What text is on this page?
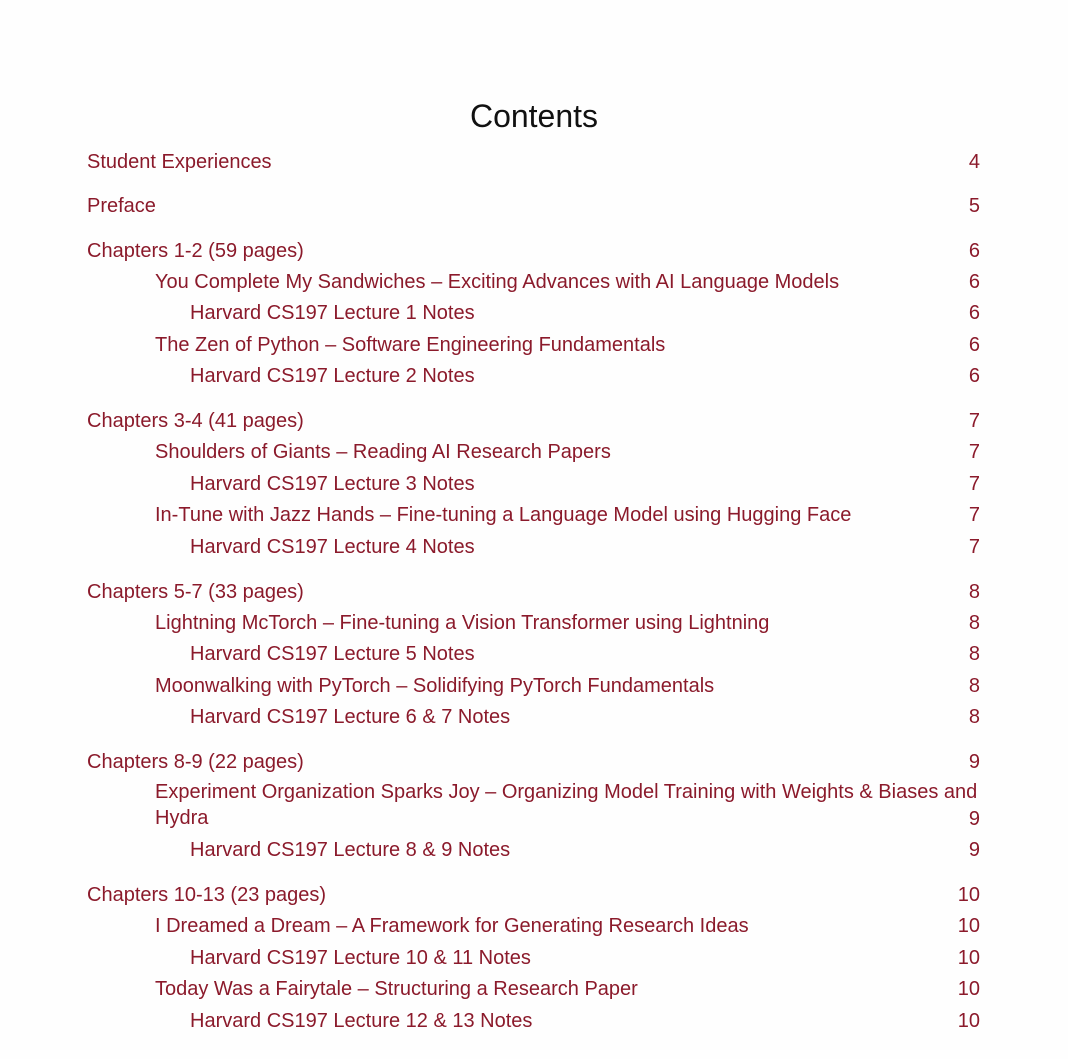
Contents
Student Experiences	4
Preface	5
Chapters 1-2 (59 pages)	6
You Complete My Sandwiches – Exciting Advances with AI Language Models	6
Harvard CS197 Lecture 1 Notes	6
The Zen of Python – Software Engineering Fundamentals	6
Harvard CS197 Lecture 2 Notes	6
Chapters 3-4 (41 pages)	7
Shoulders of Giants – Reading AI Research Papers	7
Harvard CS197 Lecture 3 Notes	7
In-Tune with Jazz Hands – Fine-tuning a Language Model using Hugging Face	7
Harvard CS197 Lecture 4 Notes	7
Chapters 5-7 (33 pages)	8
Lightning McTorch – Fine-tuning a Vision Transformer using Lightning	8
Harvard CS197 Lecture 5 Notes	8
Moonwalking with PyTorch – Solidifying PyTorch Fundamentals	8
Harvard CS197 Lecture 6 & 7 Notes	8
Chapters 8-9 (22 pages)	9
Experiment Organization Sparks Joy – Organizing Model Training with Weights & Biases and Hydra	9
Harvard CS197 Lecture 8 & 9 Notes	9
Chapters 10-13 (23 pages)	10
I Dreamed a Dream – A Framework for Generating Research Ideas	10
Harvard CS197 Lecture 10 & 11 Notes	10
Today Was a Fairytale – Structuring a Research Paper	10
Harvard CS197 Lecture 12 & 13 Notes	10
